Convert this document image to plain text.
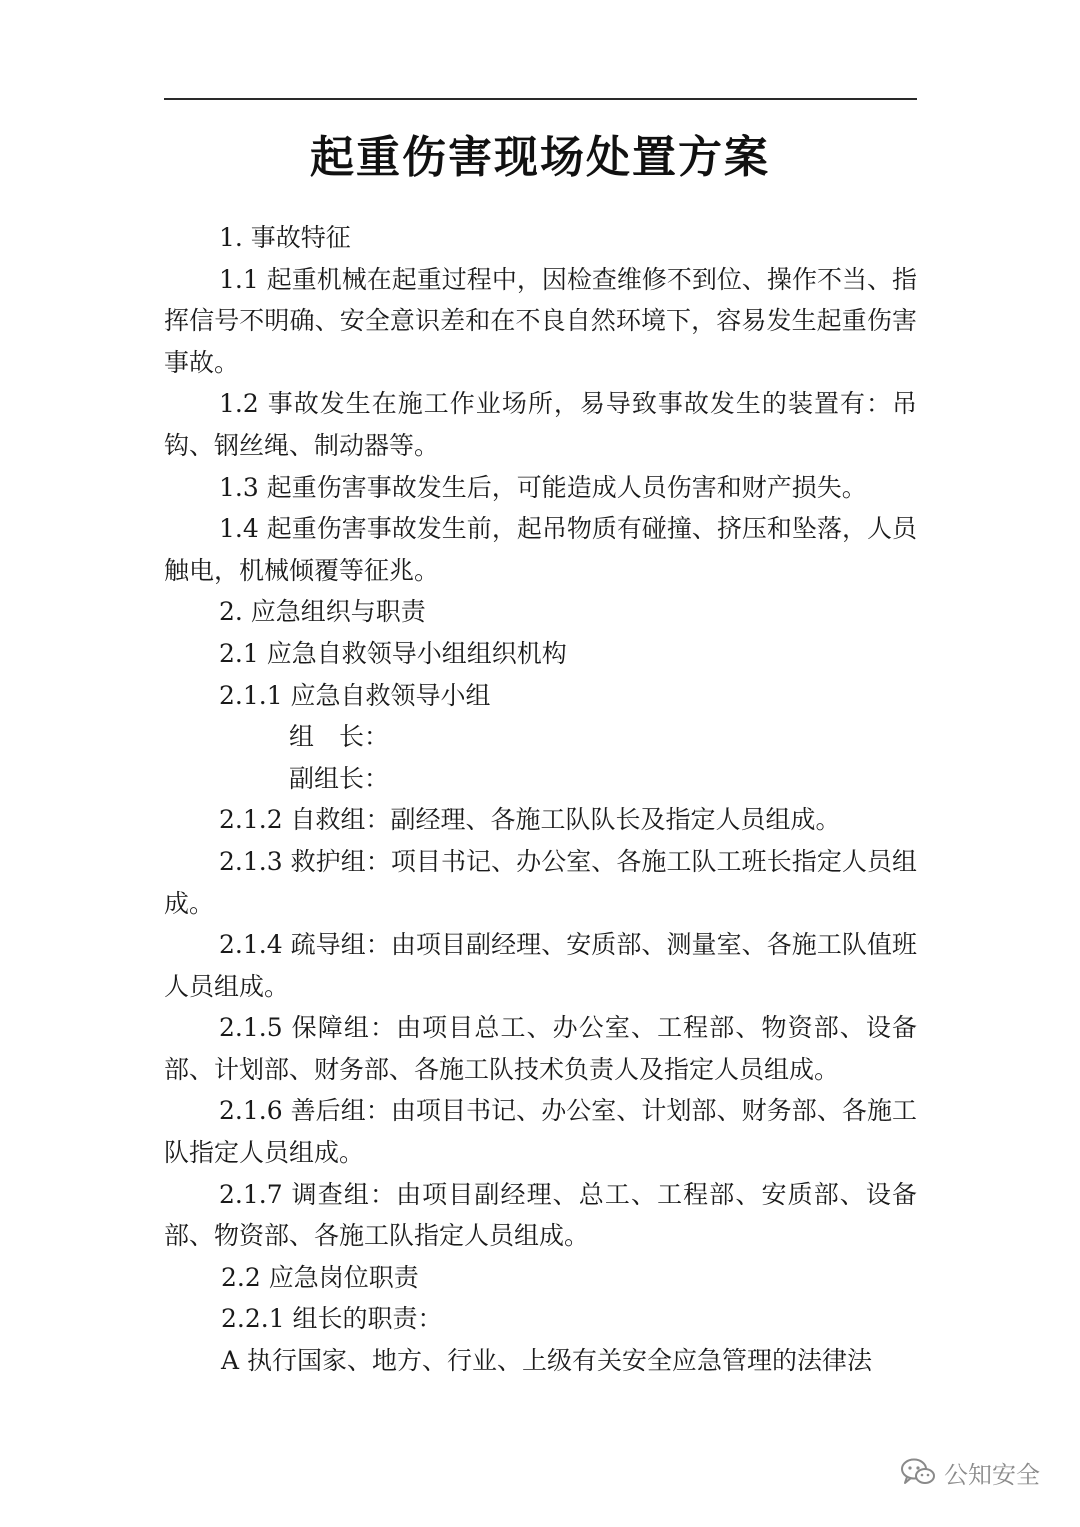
起重伤害现场处置方案

1. 事故特征

1.1 起重机械在起重过程中，因检查维修不到位、操作不当、指挥信号不明确、安全意识差和在不良自然环境下，容易发生起重伤害事故。

1.2 事故发生在施工作业场所，易导致事故发生的装置有：吊钩、钢丝绳、制动器等。

1.3 起重伤害事故发生后，可能造成人员伤害和财产损失。

1.4 起重伤害事故发生前，起吊物质有碰撞、挤压和坠落，人员触电，机械倾覆等征兆。

2. 应急组织与职责

2.1 应急自救领导小组组织机构

2.1.1 应急自救领导小组

组　长：

副组长：

2.1.2 自救组：副经理、各施工队队长及指定人员组成。

2.1.3 救护组：项目书记、办公室、各施工队工班长指定人员组成。

2.1.4 疏导组：由项目副经理、安质部、测量室、各施工队值班人员组成。

2.1.5 保障组：由项目总工、办公室、工程部、物资部、设备部、计划部、财务部、各施工队技术负责人及指定人员组成。

2.1.6 善后组：由项目书记、办公室、计划部、财务部、各施工队指定人员组成。

2.1.7 调查组：由项目副经理、总工、工程部、安质部、设备部、物资部、各施工队指定人员组成。

2.2 应急岗位职责

2.2.1 组长的职责：

A 执行国家、地方、行业、上级有关安全应急管理的法律法

公知安全
